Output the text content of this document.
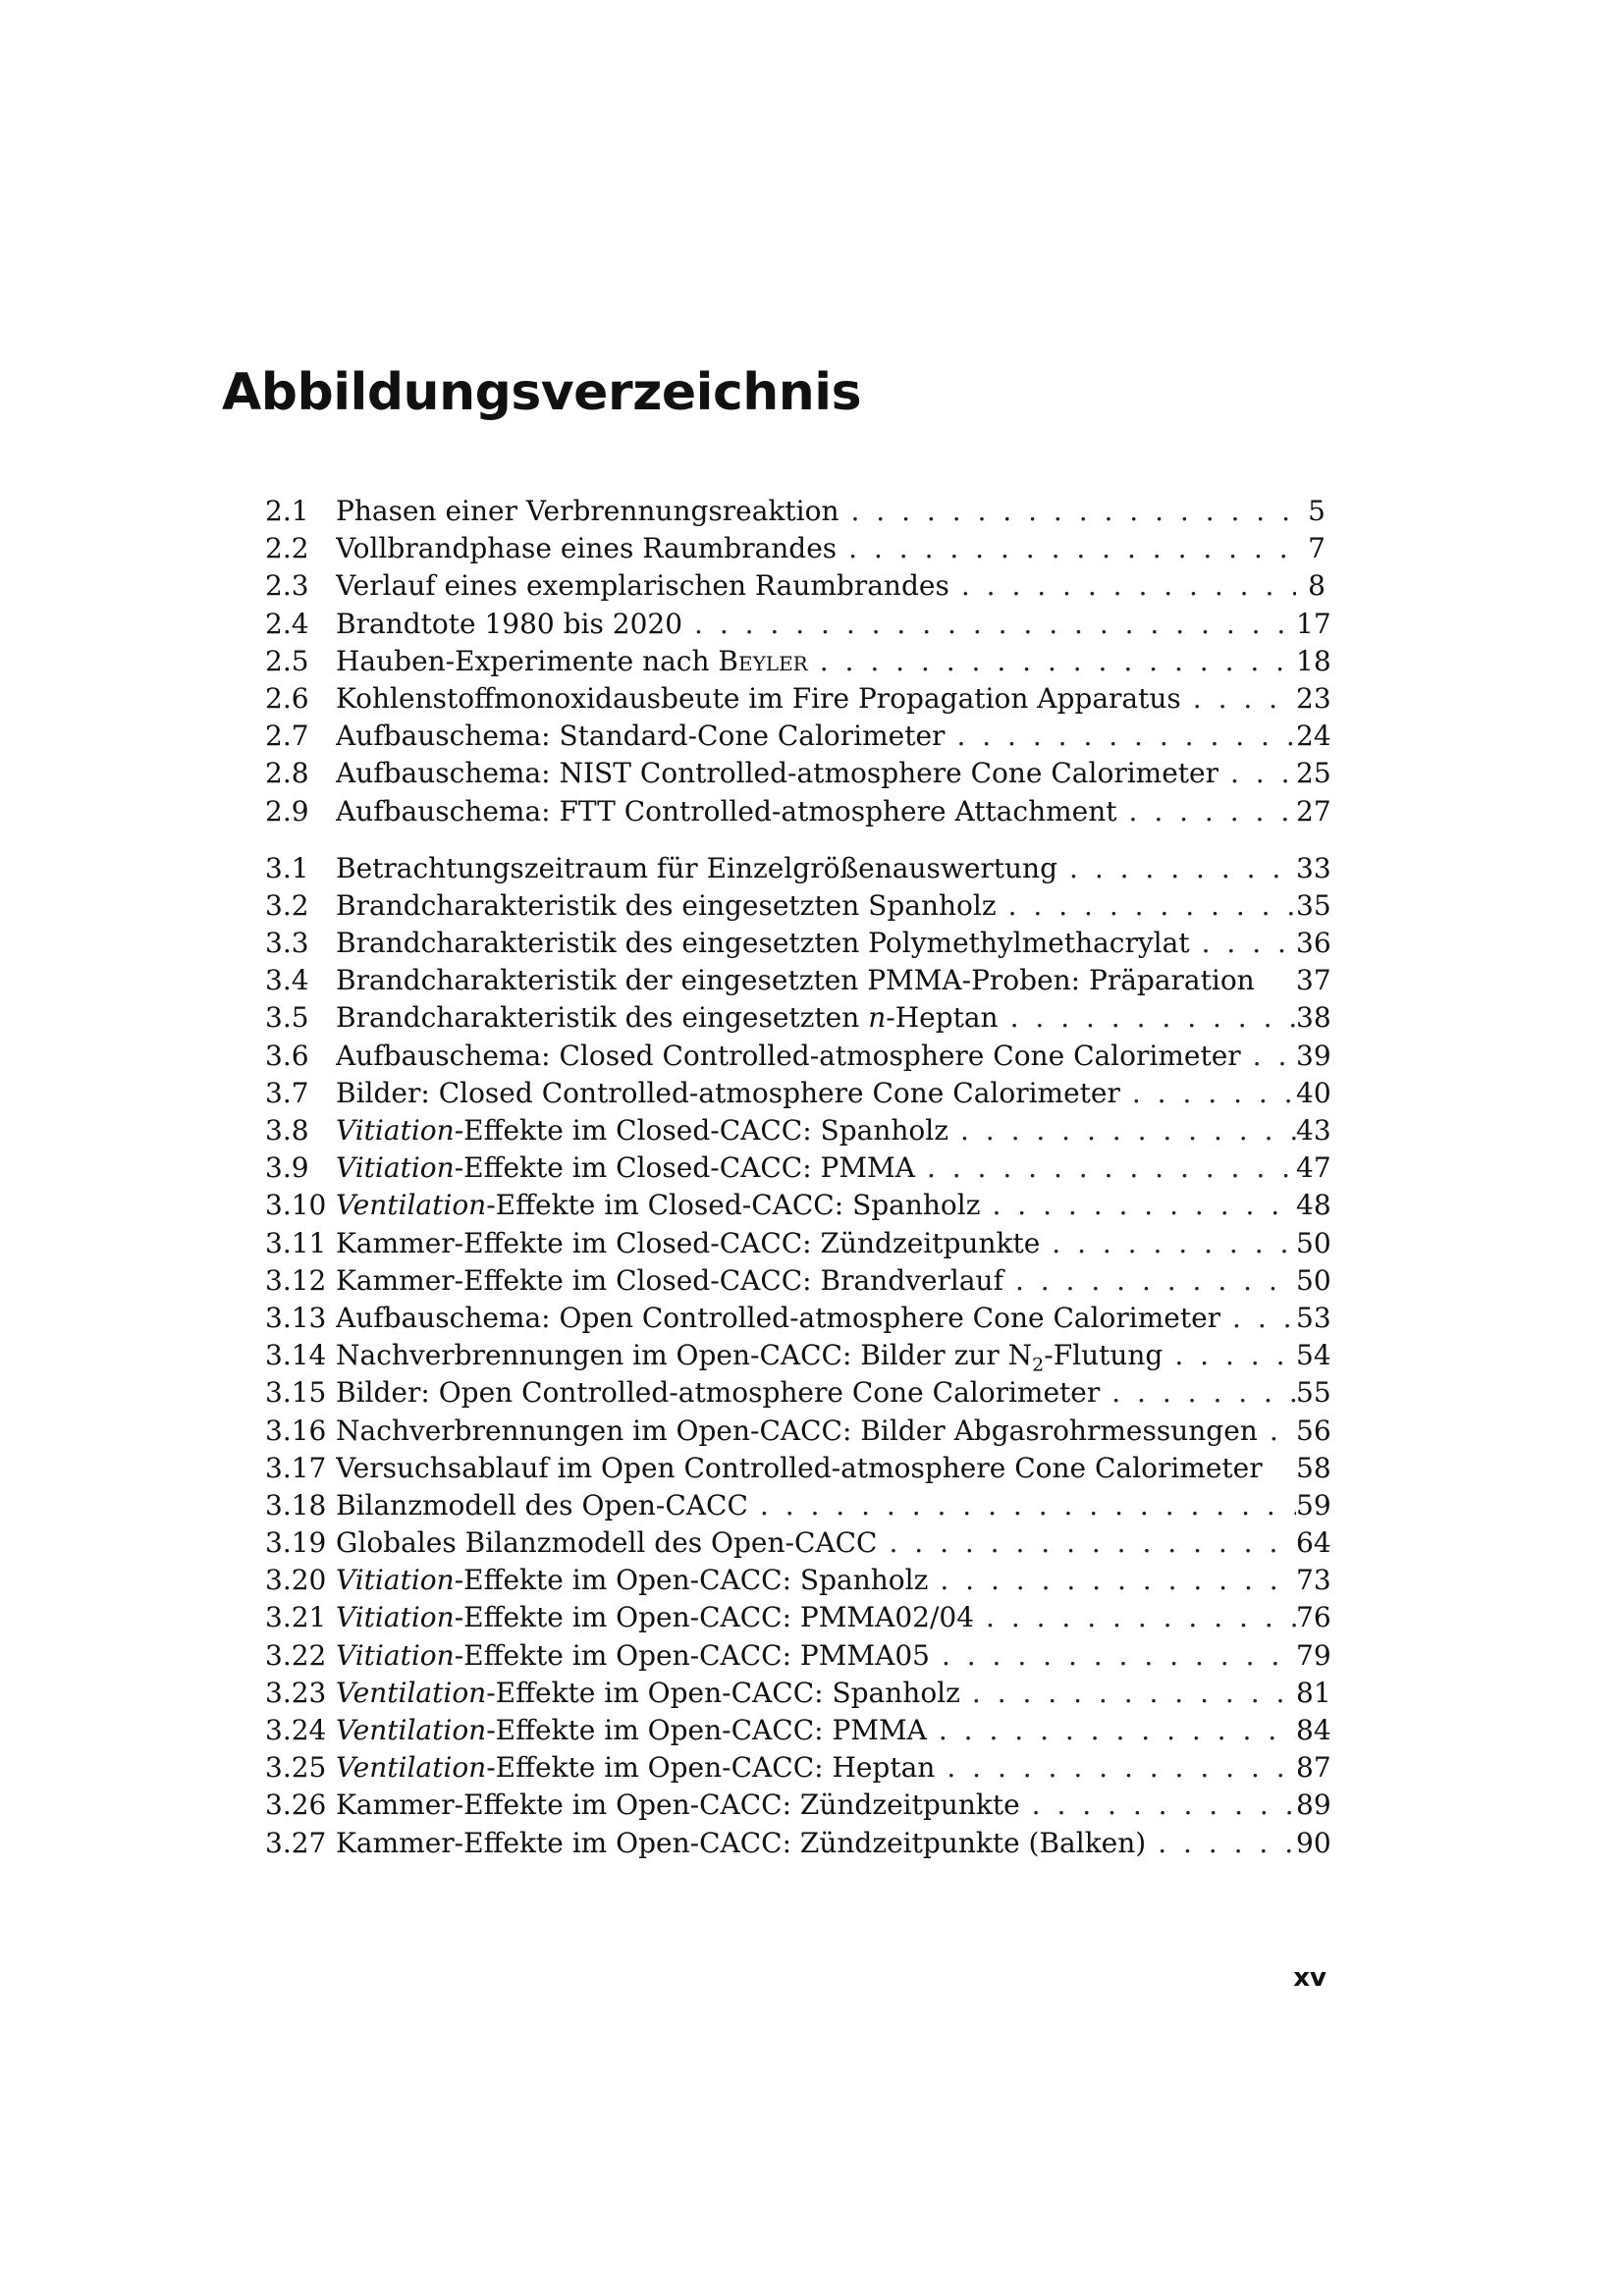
Abbildungsverzeichnis
2.1 Phasen einer Verbrennungsreaktion . . .	5
2.2 Vollbrandphase eines Raumbrandes . . .	7
2.3 Verlauf eines exemplarischen Raumbrandes . . .	8
2.4 Brandtote 1980 bis 2020 . . .	17
2.5 Hauben-Experimente nach Beyler . . .	18
2.6 Kohlenstoffmonoxidausbeute im Fire Propagation Apparatus . . .	23
2.7 Aufbauschema: Standard-Cone Calorimeter . . .	24
2.8 Aufbauschema: NIST Controlled-atmosphere Cone Calorimeter . . .	25
2.9 Aufbauschema: FTT Controlled-atmosphere Attachment . . .	27
3.1 Betrachtungszeitraum für Einzelgrößenauswertung . . .	33
3.2 Brandcharakteristik des eingesetzten Spanholz . . .	35
3.3 Brandcharakteristik des eingesetzten Polymethylmethacrylat . . .	36
3.4 Brandcharakteristik der eingesetzten PMMA-Proben: Präparation 37
3.5 Brandcharakteristik des eingesetzten n-Heptan . . .	38
3.6 Aufbauschema: Closed Controlled-atmosphere Cone Calorimeter . . . 39
3.7 Bilder: Closed Controlled-atmosphere Cone Calorimeter . . .	40
3.8 Vitiation-Effekte im Closed-CACC: Spanholz . . .	43
3.9 Vitiation-Effekte im Closed-CACC: PMMA . . .	47
3.10 Ventilation-Effekte im Closed-CACC: Spanholz . . .	48
3.11 Kammer-Effekte im Closed-CACC: Zündzeitpunkte . . .	50
3.12 Kammer-Effekte im Closed-CACC: Brandverlauf . . .	50
3.13 Aufbauschema: Open Controlled-atmosphere Cone Calorimeter . . .	53
3.14 Nachverbrennungen im Open-CACC: Bilder zur $N_2$-Flutung . . .	54
3.15 Bilder: Open Controlled-atmosphere Cone Calorimeter . . .	55
3.16 Nachverbrennungen im Open-CACC: Bilder Abgasrohrmessungen . . . 56
3.17 Versuchsablauf im Open Controlled-atmosphere Cone Calorimeter 58
3.18 Bilanzmodell des Open-CACC . . .	59
3.19 Globales Bilanzmodell des Open-CACC . . .	64
3.20 Vitiation-Effekte im Open-CACC: Spanholz . . .	73
3.21 Vitiation-Effekte im Open-CACC: PMMA02/04 . . .	76
3.22 Vitiation-Effekte im Open-CACC: PMMA05 . . .	79
3.23 Ventilation-Effekte im Open-CACC: Spanholz . . .	81
3.24 Ventilation-Effekte im Open-CACC: PMMA . . .	84
3.25 Ventilation-Effekte im Open-CACC: Heptan . . .	87
3.26 Kammer-Effekte im Open-CACC: Zündzeitpunkte . . .	89
3.27 Kammer-Effekte im Open-CACC: Zündzeitpunkte (Balken) . . .	90
xv
